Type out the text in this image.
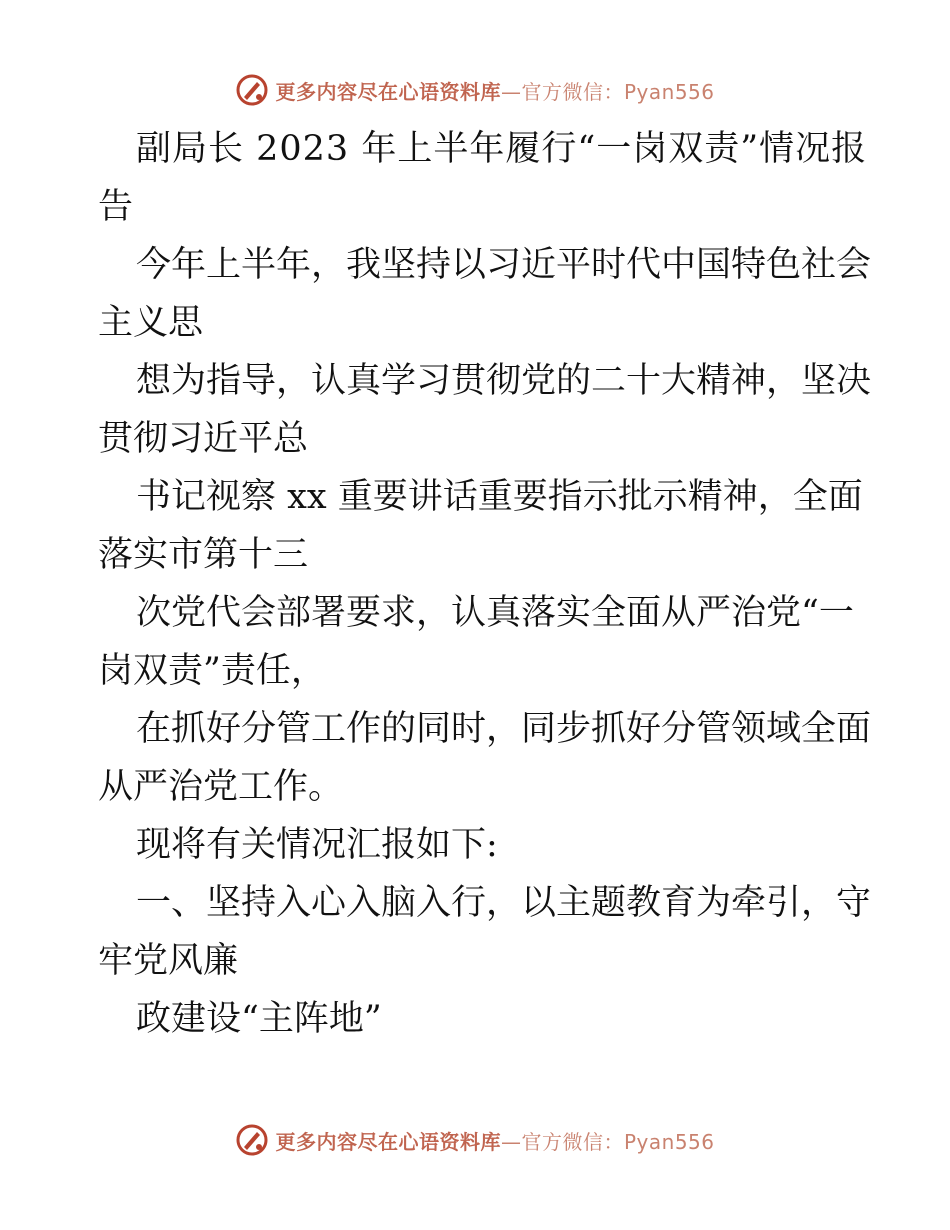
更多内容尽在心语资料库—官方微信：Pyan556

副局长 2023 年上半年履行“一岗双责”情况报

告

今年上半年，我坚持以习近平时代中国特色社会

主义思

想为指导，认真学习贯彻党的二十大精神，坚决

贯彻习近平总

书记视察 xx 重要讲话重要指示批示精神，全面

落实市第十三

次党代会部署要求，认真落实全面从严治党“一

岗双责”责任，

在抓好分管工作的同时，同步抓好分管领域全面

从严治党工作。

现将有关情况汇报如下:

一、坚持入心入脑入行，以主题教育为牵引，守

牢党风廉

政建设“主阵地”

更多内容尽在心语资料库—官方微信：Pyan556
